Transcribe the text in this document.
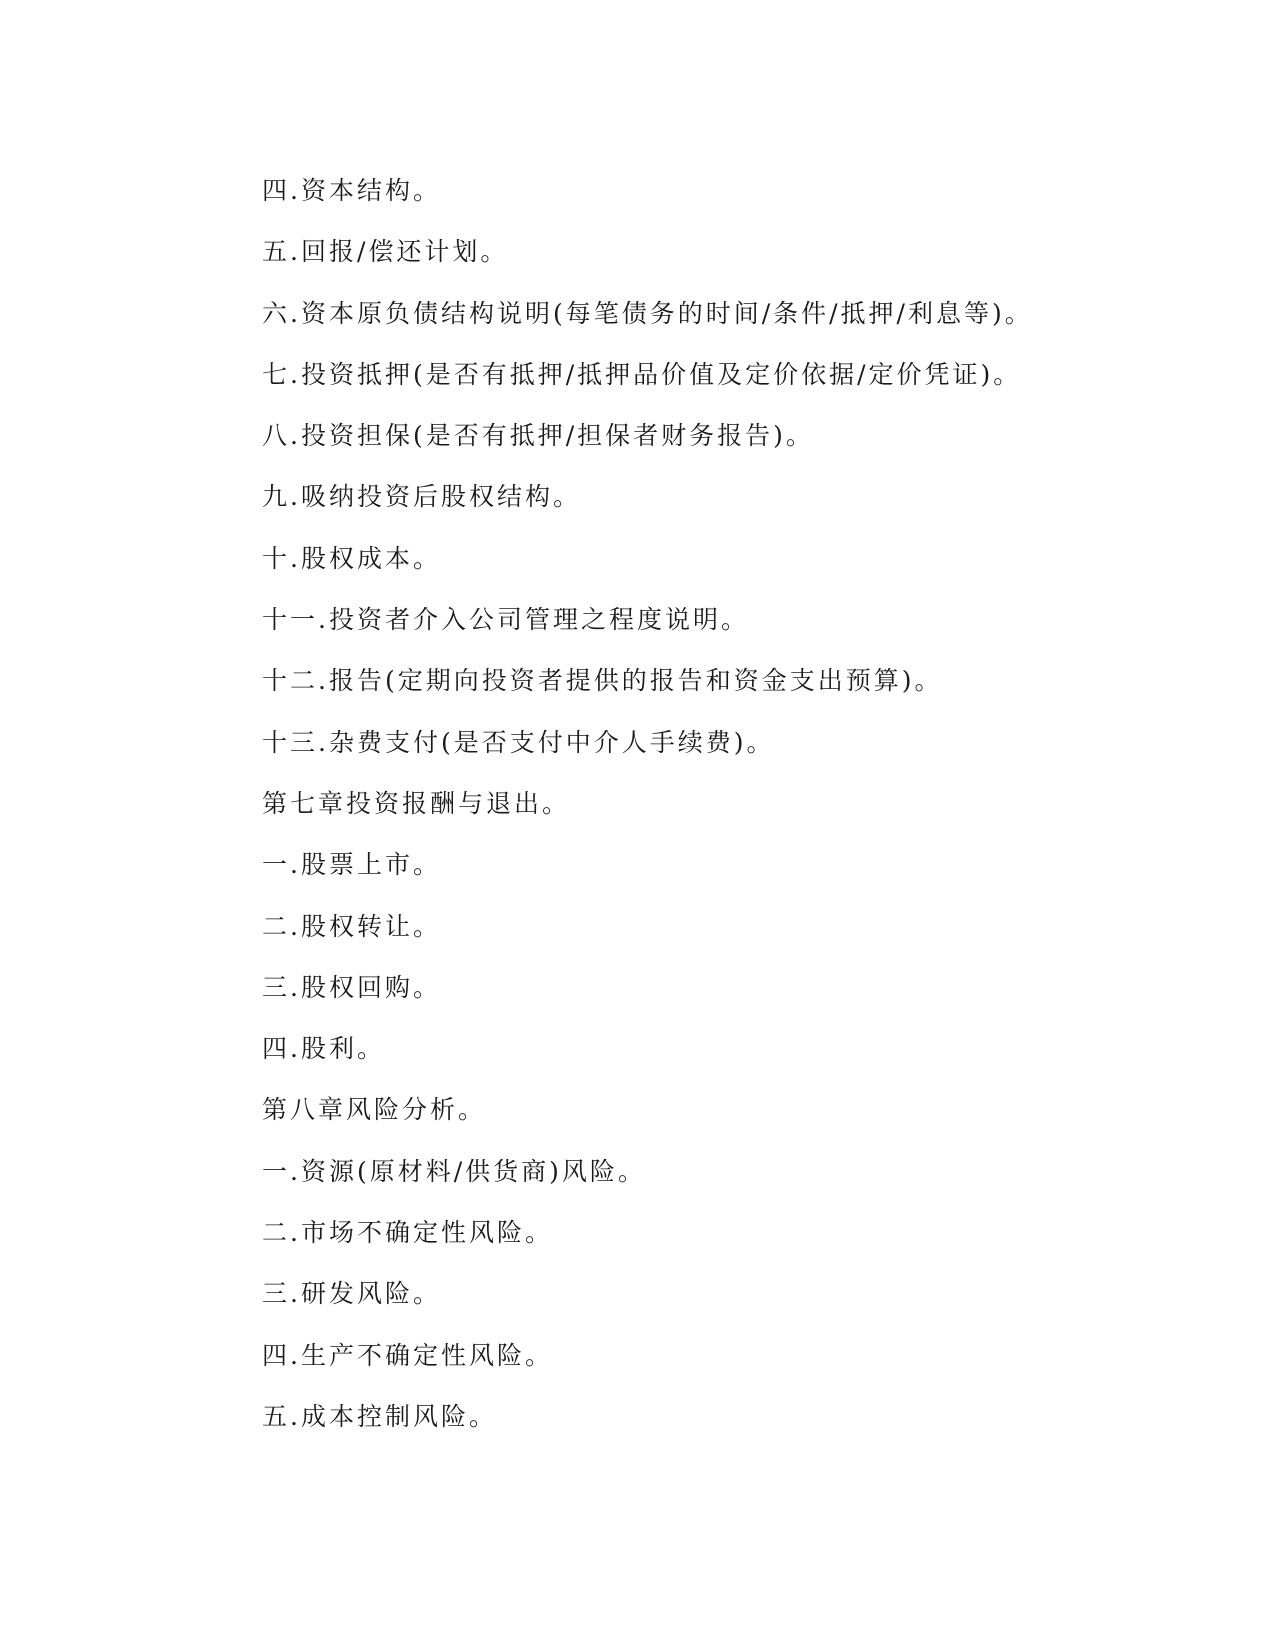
四.资本结构。
五.回报/偿还计划。
六.资本原负债结构说明(每笔债务的时间/条件/抵押/利息等)。
七.投资抵押(是否有抵押/抵押品价值及定价依据/定价凭证)。
八.投资担保(是否有抵押/担保者财务报告)。
九.吸纳投资后股权结构。
十.股权成本。
十一.投资者介入公司管理之程度说明。
十二.报告(定期向投资者提供的报告和资金支出预算)。
十三.杂费支付(是否支付中介人手续费)。
第七章投资报酬与退出。
一.股票上市。
二.股权转让。
三.股权回购。
四.股利。
第八章风险分析。
一.资源(原材料/供货商)风险。
二.市场不确定性风险。
三.研发风险。
四.生产不确定性风险。
五.成本控制风险。
